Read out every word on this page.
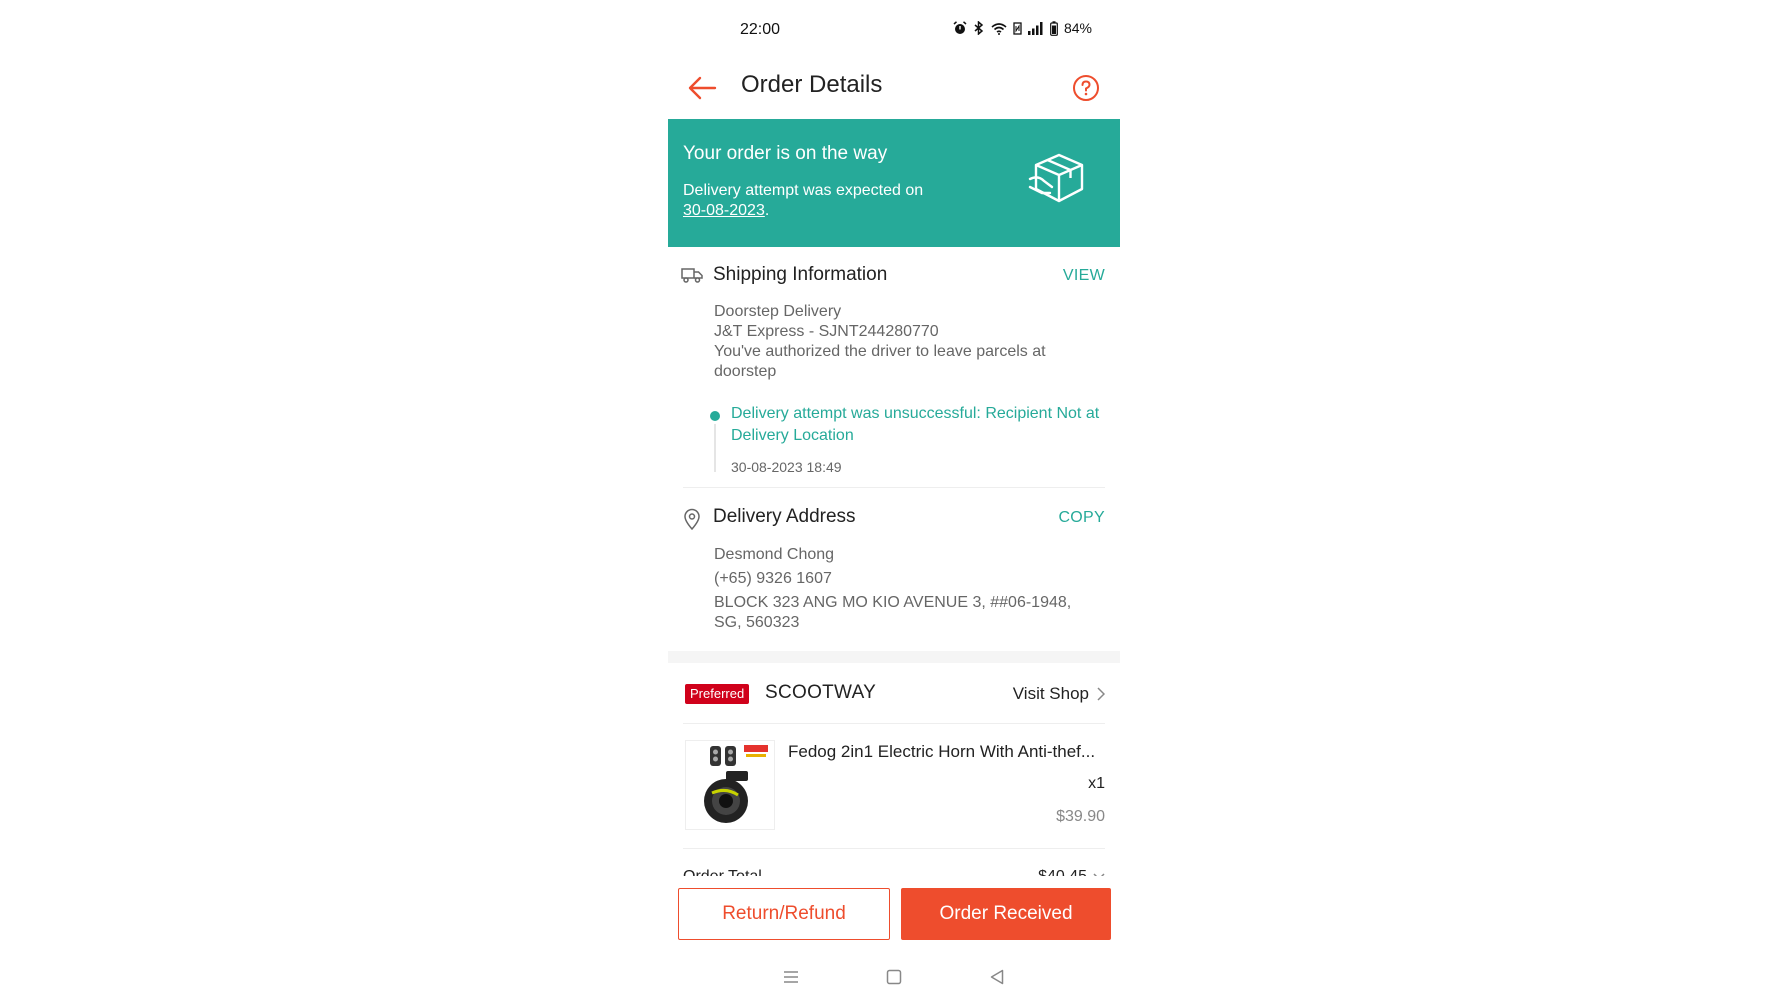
22:00	84%
Order Details
Your order is on the way
Delivery attempt was expected on
30-08-2023.
Shipping Information	VIEW
Doorstep Delivery
J&T Express - SJNT244280770
You've authorized the driver to leave parcels at
doorstep
Delivery attempt was unsuccessful: Recipient Not at Delivery Location
30-08-2023 18:49
Delivery Address	COPY
Desmond Chong
(+65) 9326 1607
BLOCK 323 ANG MO KIO AVENUE 3, ##06-1948,
SG, 560323
Preferred SCOOTWAY	Visit Shop
Fedog 2in1 Electric Horn With Anti-thef...
x1
$39.90
Return/Refund	Order Received
